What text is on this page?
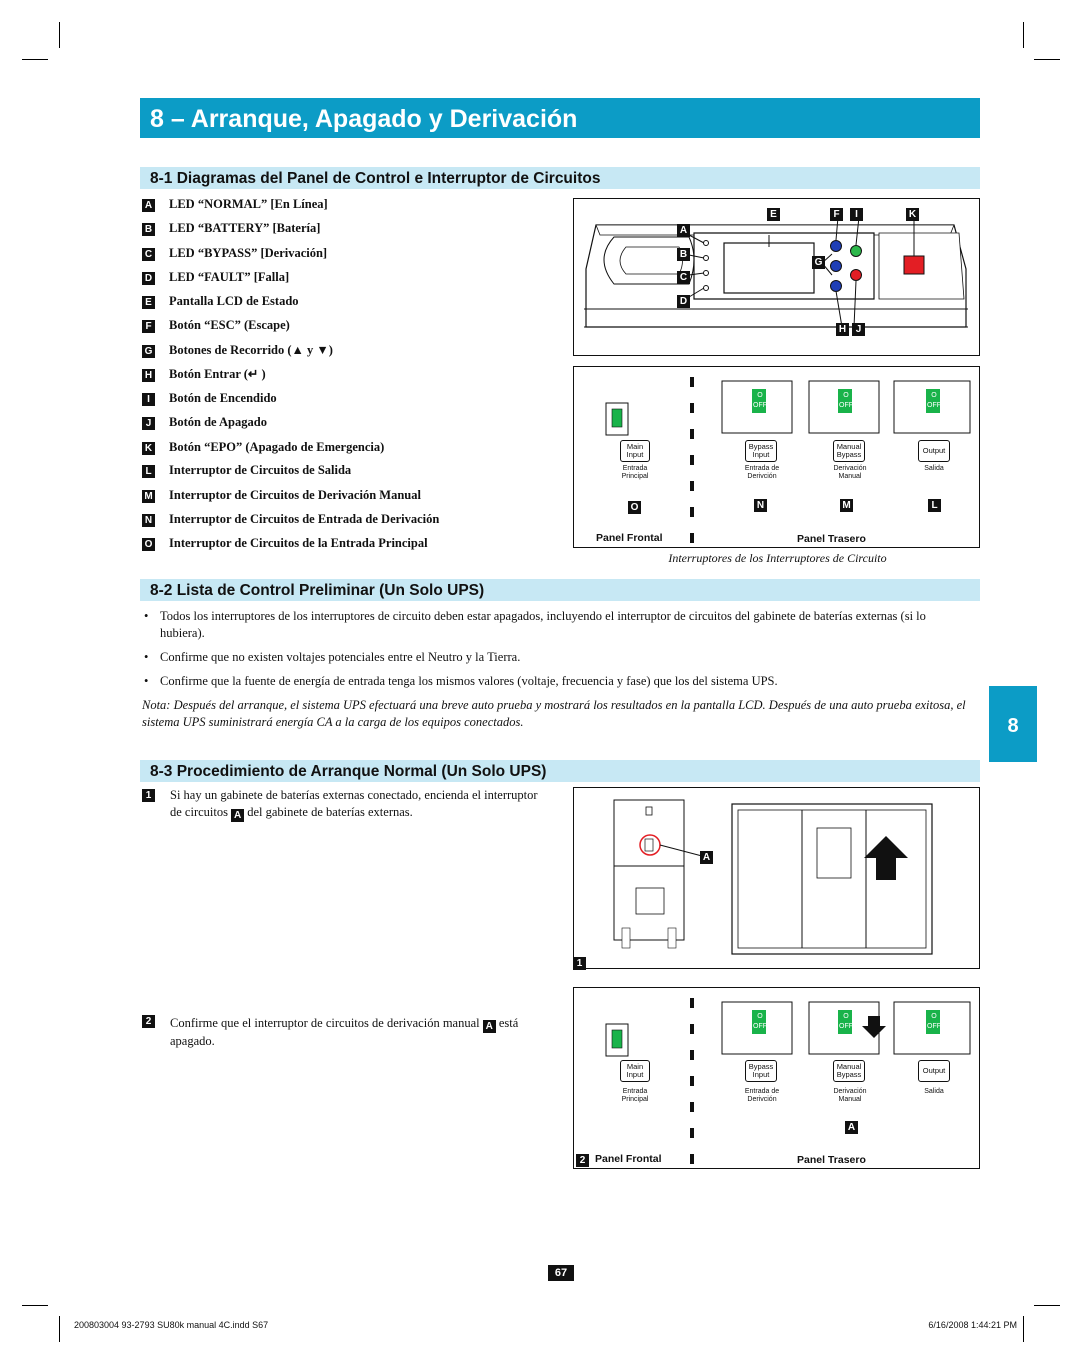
8 – Arranque, Apagado y Derivación
8-1 Diagramas del Panel de Control e Interruptor de Circuitos
A LED “NORMAL” [En Línea]
B LED “BATTERY” [Batería]
C LED “BYPASS” [Derivación]
D LED “FAULT” [Falla]
E Pantalla LCD de Estado
F Botón “ESC” (Escape)
G Botones de Recorrido (▲ y ▼)
H Botón Entrar (↵ )
I Botón de Encendido
J Botón de Apagado
K Botón “EPO” (Apagado de Emergencia)
L Interruptor de Circuitos de Salida
M Interruptor de Circuitos de Derivación Manual
N Interruptor de Circuitos de Entrada de Derivación
O Interruptor de Circuitos de la Entrada Principal
E	F	I	K
A
B
G
C
D
H J
O
OFF
O
OFF
O
OFF
Main
Input
Bypass
Input
Manual
Bypass	Output
Entrada
Principal
Entrada de
Derivción
Derivación
Manual
Salida
O	N	M	L
Panel Frontal	Panel Trasero
Interruptores de los Interruptores de Circuito
8-2 Lista de Control Preliminar (Un Solo UPS)
• Todos los interruptores de los interruptores de circuito deben estar apagados, incluyendo el interruptor de circuitos del gabinete de baterías externas (si lo hubiera).
• Confirme que no existen voltajes potenciales entre el Neutro y la Tierra.
• Confirme que la fuente de energía de entrada tenga los mismos valores (voltaje, frecuencia y fase) que los del sistema UPS.
Nota: Después del arranque, el sistema UPS efectuará una breve auto prueba y mostrará los resultados en la pantalla LCD. Después de una auto prueba exitosa, el sistema UPS suministrará energía CA a la carga de los equipos conectados.	8
8-3 Procedimiento de Arranque Normal (Un Solo UPS)
1 Si hay un gabinete de baterías externas conectado, encienda el interruptor de circuitos A del gabinete de baterías externas.
A
1
2 Confirme que el interruptor de circuitos de derivación manual A está apagado.
O
OFF
O
OFF
O
OFF
Main
Input
Bypass
Input
Manual
Bypass	Output
Entrada
Principal
Entrada de
Derivción
Derivación
Manual
Salida
A
2 Panel Frontal	Panel Trasero
67
200803004 93-2793 SU80k manual 4C.indd S67	6/16/2008 1:44:21 PM
